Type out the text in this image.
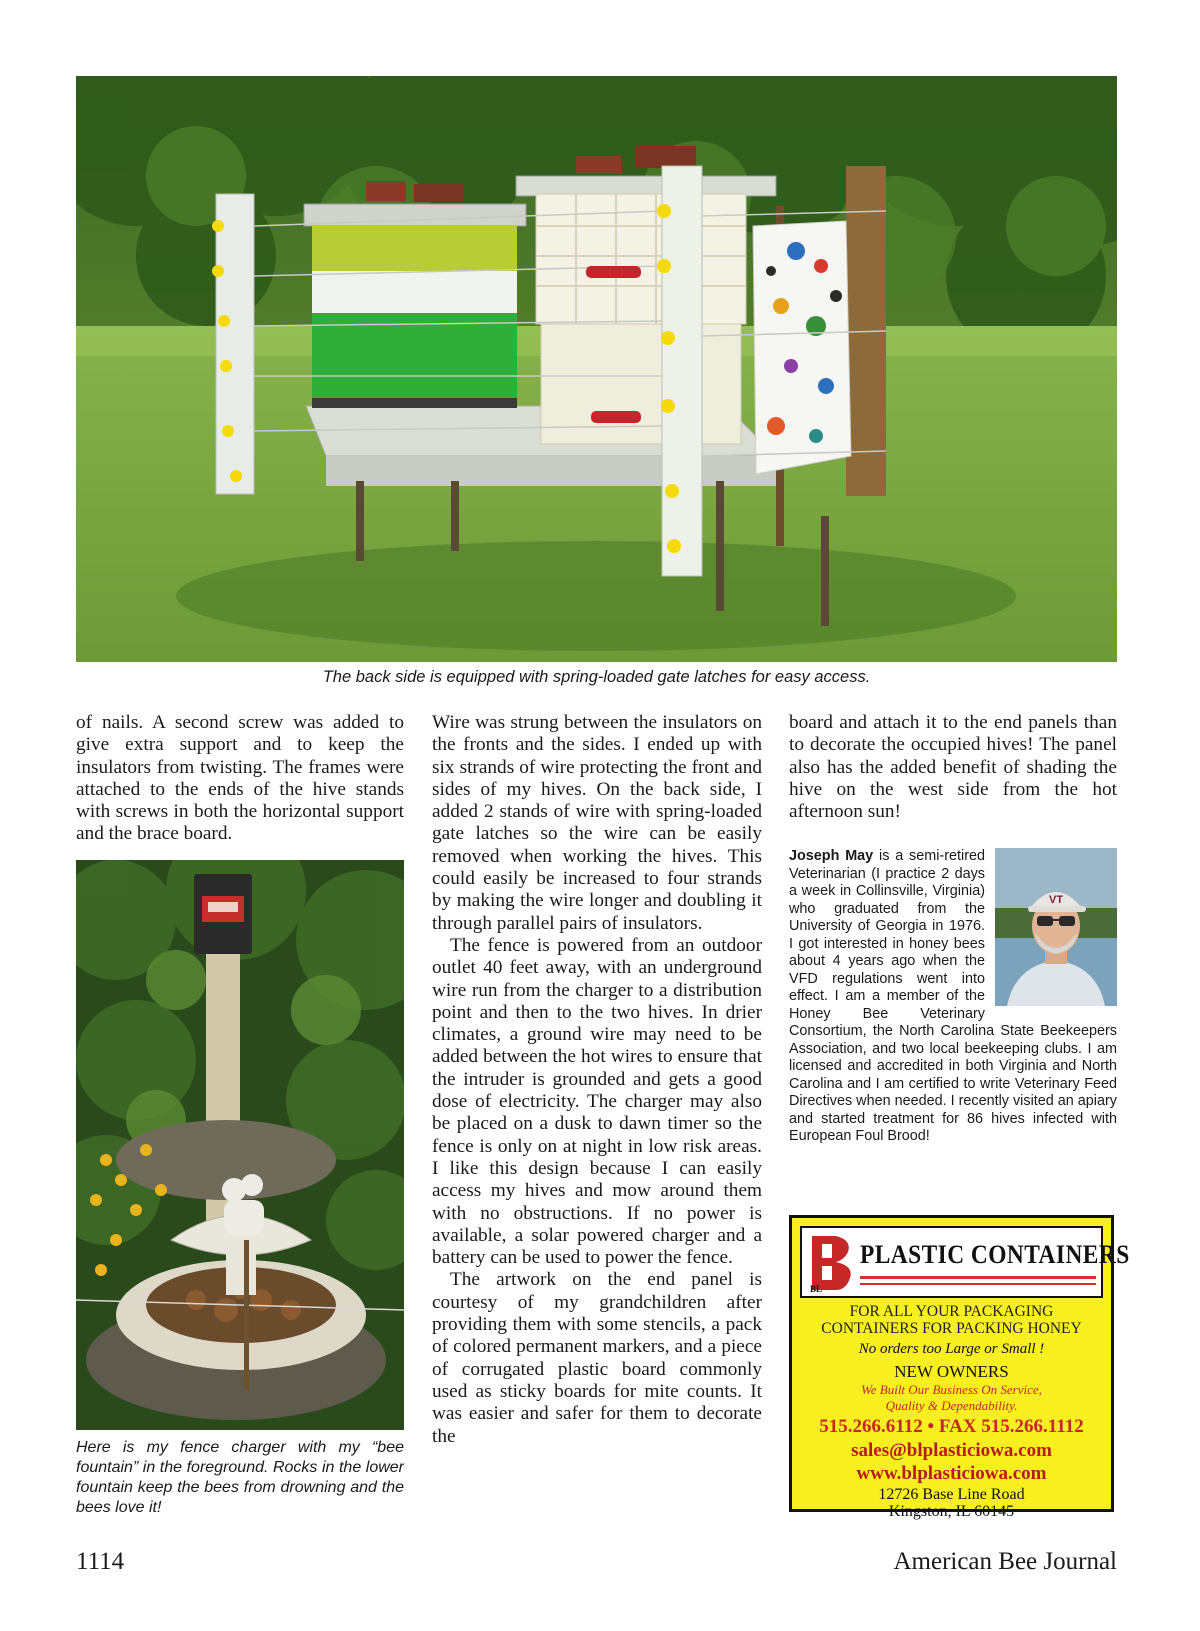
The back side is equipped with spring-loaded gate latches for easy access.

of nails. A second screw was added to give extra support and to keep the insulators from twisting. The frames were attached to the ends of the hive stands with screws in both the horizontal support and the brace board.

Here is my fence charger with my “bee fountain” in the foreground. Rocks in the lower fountain keep the bees from drowning and the bees love it!

Wire was strung between the insulators on the fronts and the sides. I ended up with six strands of wire protecting the front and sides of my hives. On the back side, I added 2 stands of wire with spring-loaded gate latches so the wire can be easily removed when working the hives. This could easily be increased to four strands by making the wire longer and doubling it through parallel pairs of insulators.

The fence is powered from an outdoor outlet 40 feet away, with an underground wire run from the charger to a distribution point and then to the two hives. In drier climates, a ground wire may need to be added between the hot wires to ensure that the intruder is grounded and gets a good dose of electricity. The charger may also be placed on a dusk to dawn timer so the fence is only on at night in low risk areas. I like this design because I can easily access my hives and mow around them with no obstructions. If no power is available, a solar powered charger and a battery can be used to power the fence.

The artwork on the end panel is courtesy of my grandchildren after providing them with some stencils, a pack of colored permanent markers, and a piece of corrugated plastic board commonly used as sticky boards for mite counts. It was easier and safer for them to decorate the

board and attach it to the end panels than to decorate the occupied hives! The panel also has the added benefit of shading the hive on the west side from the hot afternoon sun!

VT
Joseph May is a semi-retired Veterinarian (I practice 2 days a week in Collinsville, Virginia) who graduated from the University of Georgia in 1976. I got interested in honey bees about 4 years ago when the VFD regulations went into effect. I am a member of the Honey Bee Veterinary Consortium, the North Carolina State Beekeepers Association, and two local beekeeping clubs. I am licensed and accredited in both Virginia and North Carolina and I am certified to write Veterinary Feed Directives when needed. I recently visited an apiary and started treatment for 86 hives infected with European Foul Brood!
BL
PLASTIC CONTAINERS
FOR ALL YOUR PACKAGING
CONTAINERS FOR PACKING HONEY
No orders too Large or Small !
NEW OWNERS
We Built Our Business On Service,
Quality & Dependability.
515.266.6112 • FAX 515.266.1112
sales@blplasticiowa.com
www.blplasticiowa.com
12726 Base Line Road
Kingston, IL 60145
1114	American Bee Journal
